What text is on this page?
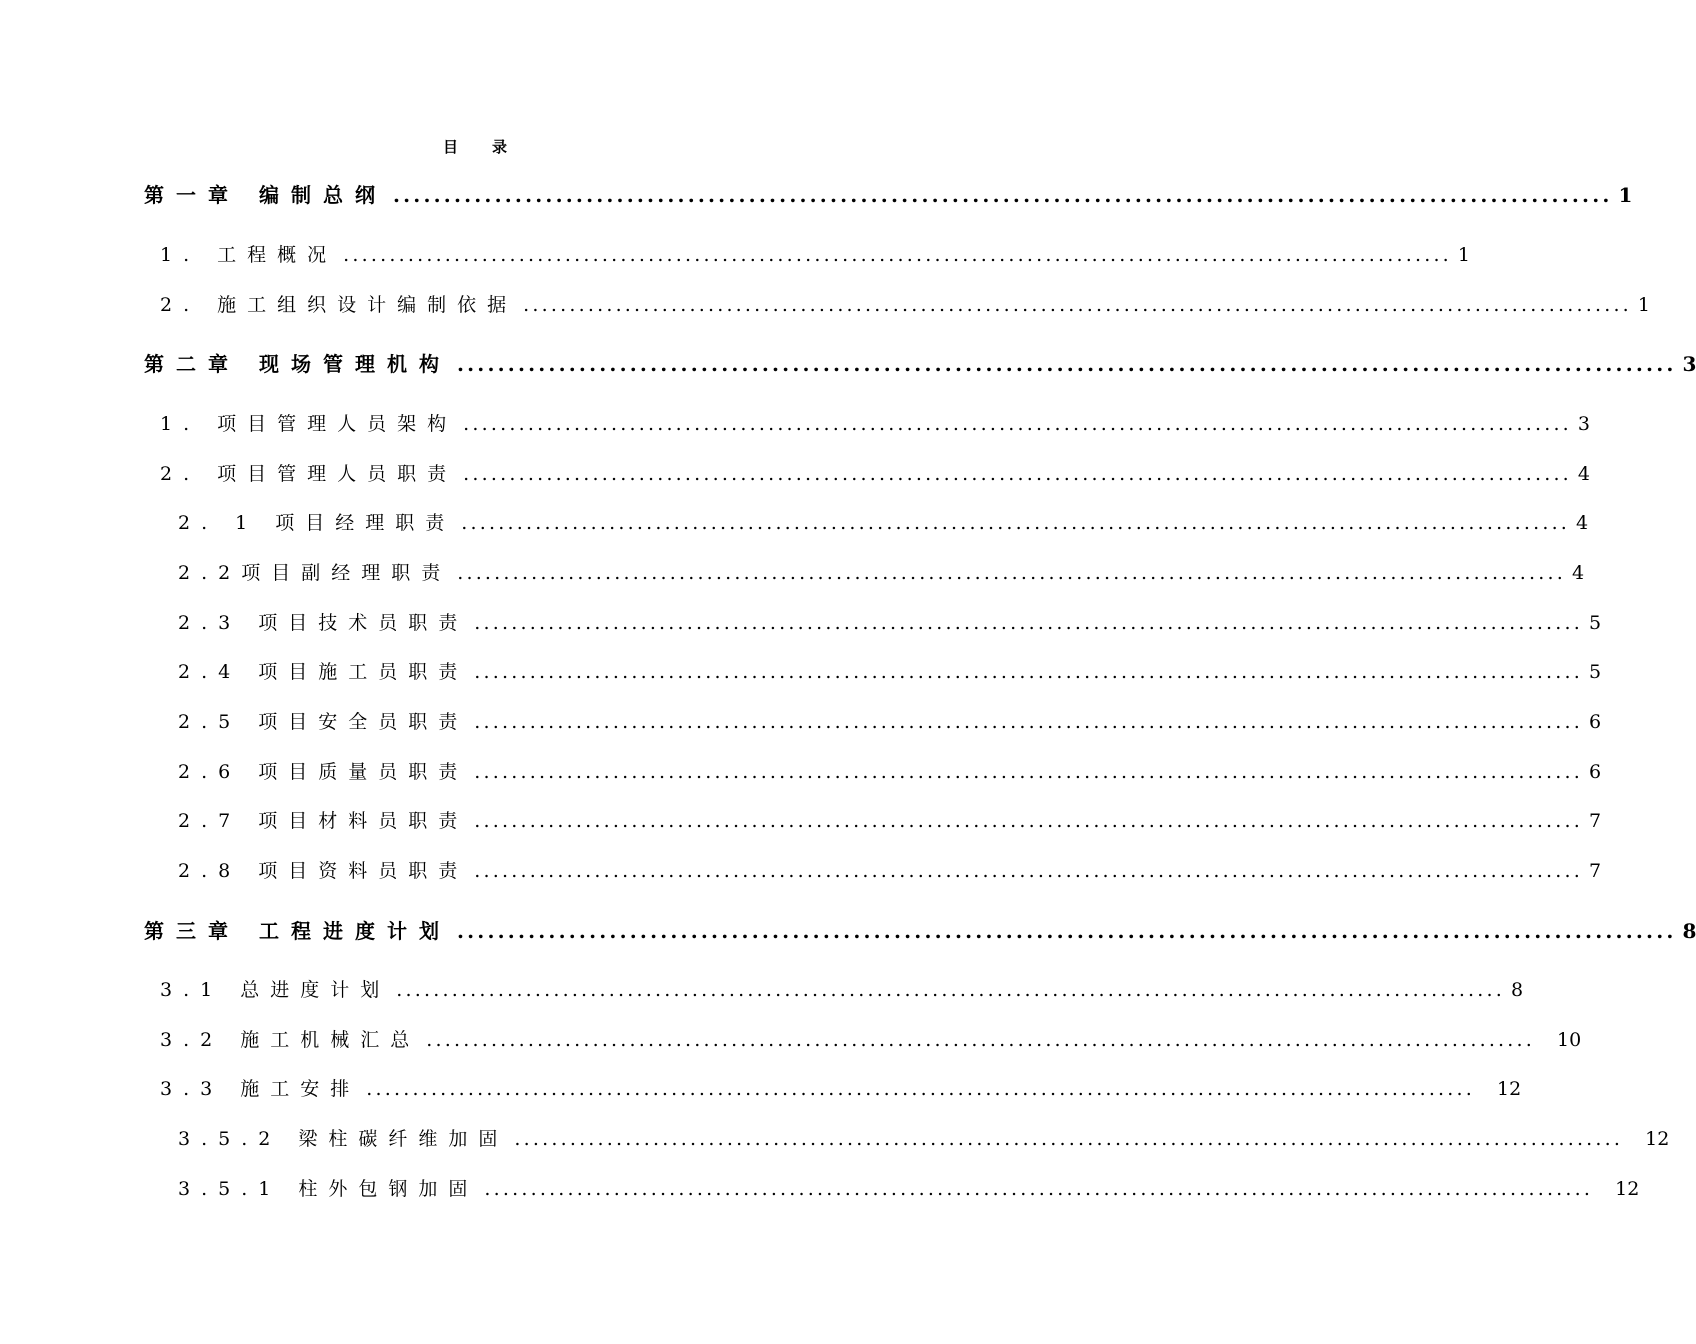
目录
第一章 编制总纲 ........................................................................................................................ 1
1. 工程概况 ........................................................................................................................ 1
2. 施工组织设计编制依据 ........................................................................................................................ 1
第二章 现场管理机构 ........................................................................................................................ 3
1. 项目管理人员架构 ........................................................................................................................ 3
2. 项目管理人员职责 ........................................................................................................................ 4
2. 1 项目经理职责 ........................................................................................................................ 4
2.2项目副经理职责 ........................................................................................................................ 4
2.3 项目技术员职责 ........................................................................................................................ 5
2.4 项目施工员职责 ........................................................................................................................ 5
2.5 项目安全员职责 ........................................................................................................................ 6
2.6 项目质量员职责 ........................................................................................................................ 6
2.7 项目材料员职责 ........................................................................................................................ 7
2.8 项目资料员职责 ........................................................................................................................ 7
第三章 工程进度计划 ........................................................................................................................ 8
3.1 总进度计划 ........................................................................................................................ 8
3.2 施工机械汇总 ........................................................................................................................ 10
3.3 施工安排 ........................................................................................................................ 12
3.5.2 梁柱碳纤维加固 ........................................................................................................................ 12
3.5.1 柱外包钢加固 ........................................................................................................................ 12
